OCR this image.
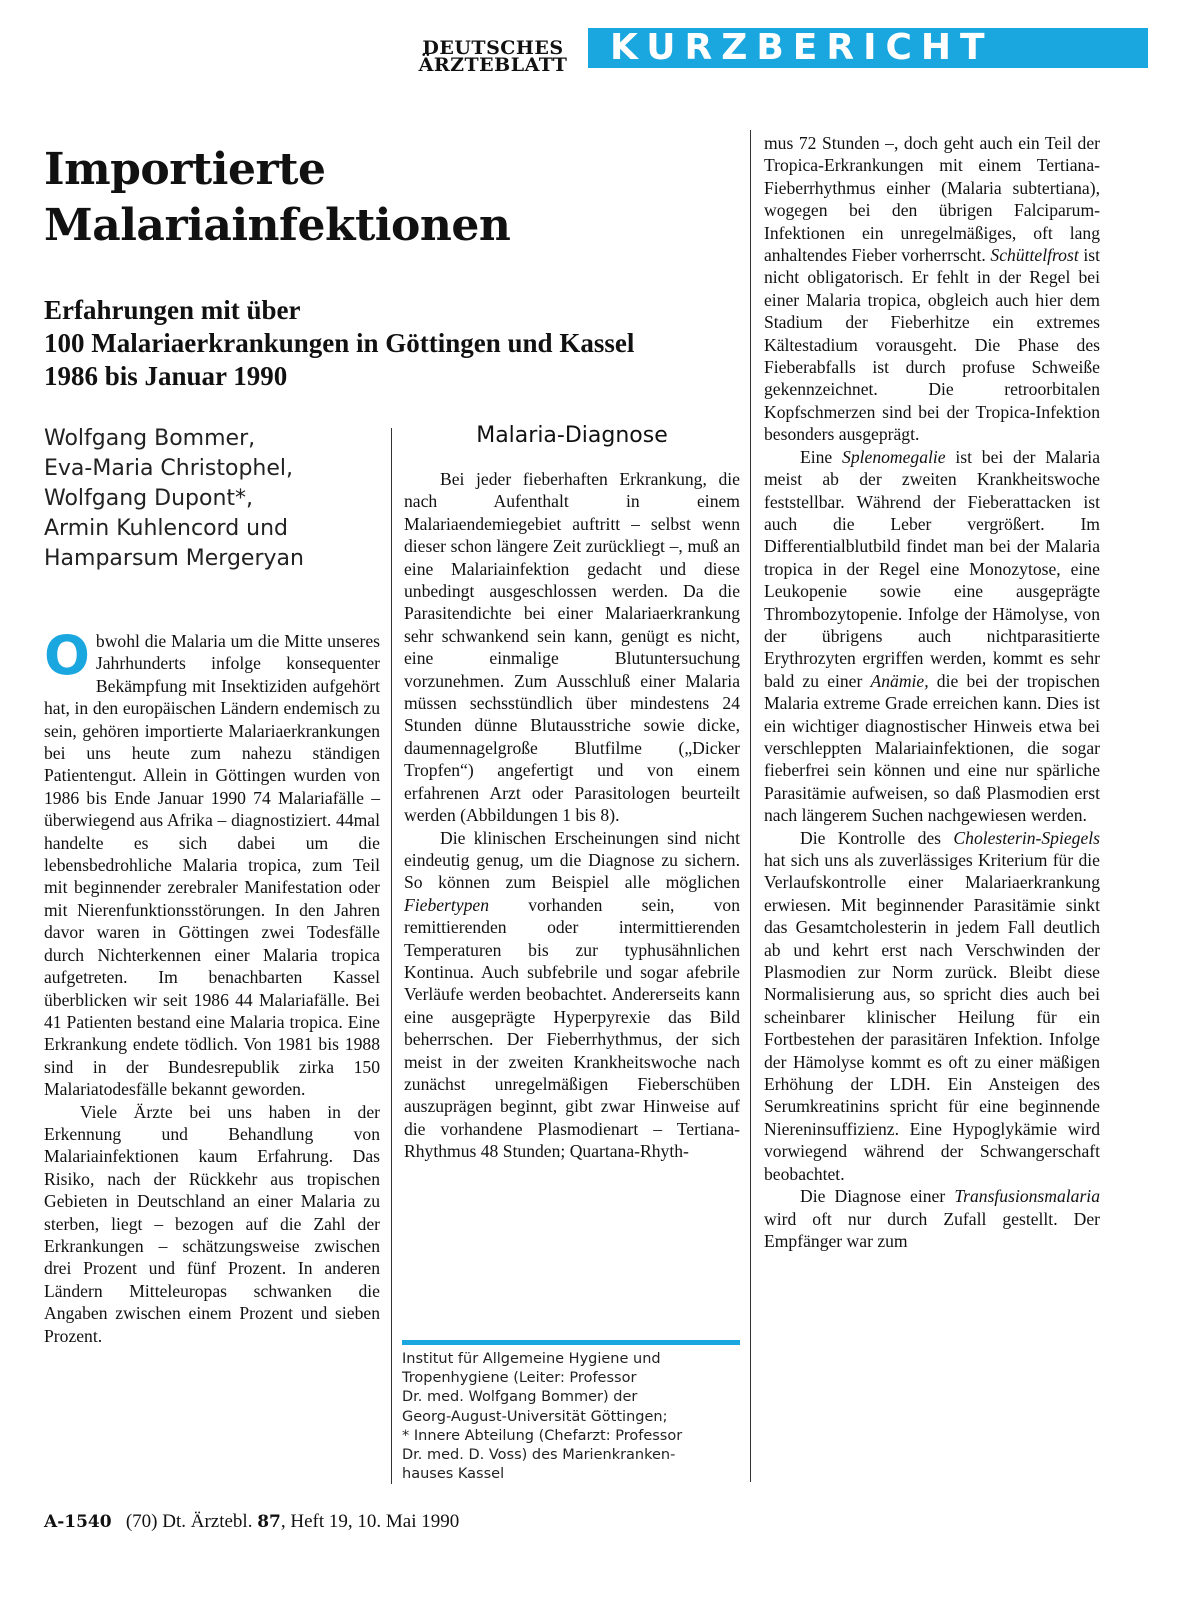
DEUTSCHES
ÄRZTEBLATT KURZBERICHT
Importierte
Malariainfektionen
Erfahrungen mit über
100 Malariaerkrankungen in Göttingen und Kassel
1986 bis Januar 1990
Wolfgang Bommer,
Eva-Maria Christophel,
Wolfgang Dupont*,
Armin Kuhlencord und
Hamparsum Mergeryan

Obwohl die Malaria um die Mitte unseres Jahrhunderts infolge konsequenter Bekämpfung mit Insektiziden aufgehört hat, in den europäischen Ländern endemisch zu sein, gehören importierte Malariaerkrankungen bei uns heute zum nahezu ständigen Patientengut. Allein in Göttingen wurden von 1986 bis Ende Januar 1990 74 Malariafälle – überwiegend aus Afrika – diagnostiziert. 44mal handelte es sich dabei um die lebensbedrohliche Malaria tropica, zum Teil mit beginnender zerebraler Manifestation oder mit Nierenfunktionsstörungen. In den Jahren davor waren in Göttingen zwei Todesfälle durch Nichterkennen einer Malaria tropica aufgetreten. Im benachbarten Kassel überblicken wir seit 1986 44 Malariafälle. Bei 41 Patienten bestand eine Malaria tropica. Eine Erkrankung endete tödlich. Von 1981 bis 1988 sind in der Bundesrepublik zirka 150 Malariatodesfälle bekannt geworden.

Viele Ärzte bei uns haben in der Erkennung und Behandlung von Malariainfektionen kaum Erfahrung. Das Risiko, nach der Rückkehr aus tropischen Gebieten in Deutschland an einer Malaria zu sterben, liegt – bezogen auf die Zahl der Erkrankungen – schätzungsweise zwischen drei Prozent und fünf Prozent. In anderen Ländern Mitteleuropas schwanken die Angaben zwischen einem Prozent und sieben Prozent.

Malaria-Diagnose

Bei jeder fieberhaften Erkrankung, die nach Aufenthalt in einem Malariaendemiegebiet auftritt – selbst wenn dieser schon längere Zeit zurückliegt –, muß an eine Malariainfektion gedacht und diese unbedingt ausgeschlossen werden. Da die Parasitendichte bei einer Malariaerkrankung sehr schwankend sein kann, genügt es nicht, eine einmalige Blutuntersuchung vorzunehmen. Zum Ausschluß einer Malaria müssen sechsstündlich über mindestens 24 Stunden dünne Blutausstriche sowie dicke, daumennagelgroße Blutfilme („Dicker Tropfen“) angefertigt und von einem erfahrenen Arzt oder Parasitologen beurteilt werden (Abbildungen 1 bis 8).

Die klinischen Erscheinungen sind nicht eindeutig genug, um die Diagnose zu sichern. So können zum Beispiel alle möglichen Fiebertypen vorhanden sein, von remittierenden oder intermittierenden Temperaturen bis zur typhusähnlichen Kontinua. Auch subfebrile und sogar afebrile Verläufe werden beobachtet. Andererseits kann eine ausgeprägte Hyperpyrexie das Bild beherrschen. Der Fieberrhythmus, der sich meist in der zweiten Krankheitswoche nach zunächst unregelmäßigen Fieberschüben auszuprägen beginnt, gibt zwar Hinweise auf die vorhandene Plasmodienart – Tertiana-Rhythmus 48 Stunden; Quartana-Rhyth-

Institut für Allgemeine Hygiene und
Tropenhygiene (Leiter: Professor
Dr. med. Wolfgang Bommer) der
Georg-August-Universität Göttingen;
* Innere Abteilung (Chefarzt: Professor
Dr. med. D. Voss) des Marienkranken-
hauses Kassel

mus 72 Stunden –, doch geht auch ein Teil der Tropica-Erkrankungen mit einem Tertiana-Fieberrhythmus einher (Malaria subtertiana), wogegen bei den übrigen Falciparum-Infektionen ein unregelmäßiges, oft lang anhaltendes Fieber vorherrscht. Schüttelfrost ist nicht obligatorisch. Er fehlt in der Regel bei einer Malaria tropica, obgleich auch hier dem Stadium der Fieberhitze ein extremes Kältestadium vorausgeht. Die Phase des Fieberabfalls ist durch profuse Schweiße gekennzeichnet. Die retroorbitalen Kopfschmerzen sind bei der Tropica-Infektion besonders ausgeprägt.

Eine Splenomegalie ist bei der Malaria meist ab der zweiten Krankheitswoche feststellbar. Während der Fieberattacken ist auch die Leber vergrößert. Im Differentialblutbild findet man bei der Malaria tropica in der Regel eine Monozytose, eine Leukopenie sowie eine ausgeprägte Thrombozytopenie. Infolge der Hämolyse, von der übrigens auch nichtparasitierte Erythrozyten ergriffen werden, kommt es sehr bald zu einer Anämie, die bei der tropischen Malaria extreme Grade erreichen kann. Dies ist ein wichtiger diagnostischer Hinweis etwa bei verschleppten Malariainfektionen, die sogar fieberfrei sein können und eine nur spärliche Parasitämie aufweisen, so daß Plasmodien erst nach längerem Suchen nachgewiesen werden.

Die Kontrolle des Cholesterin-Spiegels hat sich uns als zuverlässiges Kriterium für die Verlaufskontrolle einer Malariaerkrankung erwiesen. Mit beginnender Parasitämie sinkt das Gesamtcholesterin in jedem Fall deutlich ab und kehrt erst nach Verschwinden der Plasmodien zur Norm zurück. Bleibt diese Normalisierung aus, so spricht dies auch bei scheinbarer klinischer Heilung für ein Fortbestehen der parasitären Infektion. Infolge der Hämolyse kommt es oft zu einer mäßigen Erhöhung der LDH. Ein Ansteigen des Serumkreatinins spricht für eine beginnende Niereninsuffizienz. Eine Hypoglykämie wird vorwiegend während der Schwangerschaft beobachtet.

Die Diagnose einer Transfusionsmalaria wird oft nur durch Zufall gestellt. Der Empfänger war zum

A-1540 (70) Dt. Ärztebl. 87, Heft 19, 10. Mai 1990
